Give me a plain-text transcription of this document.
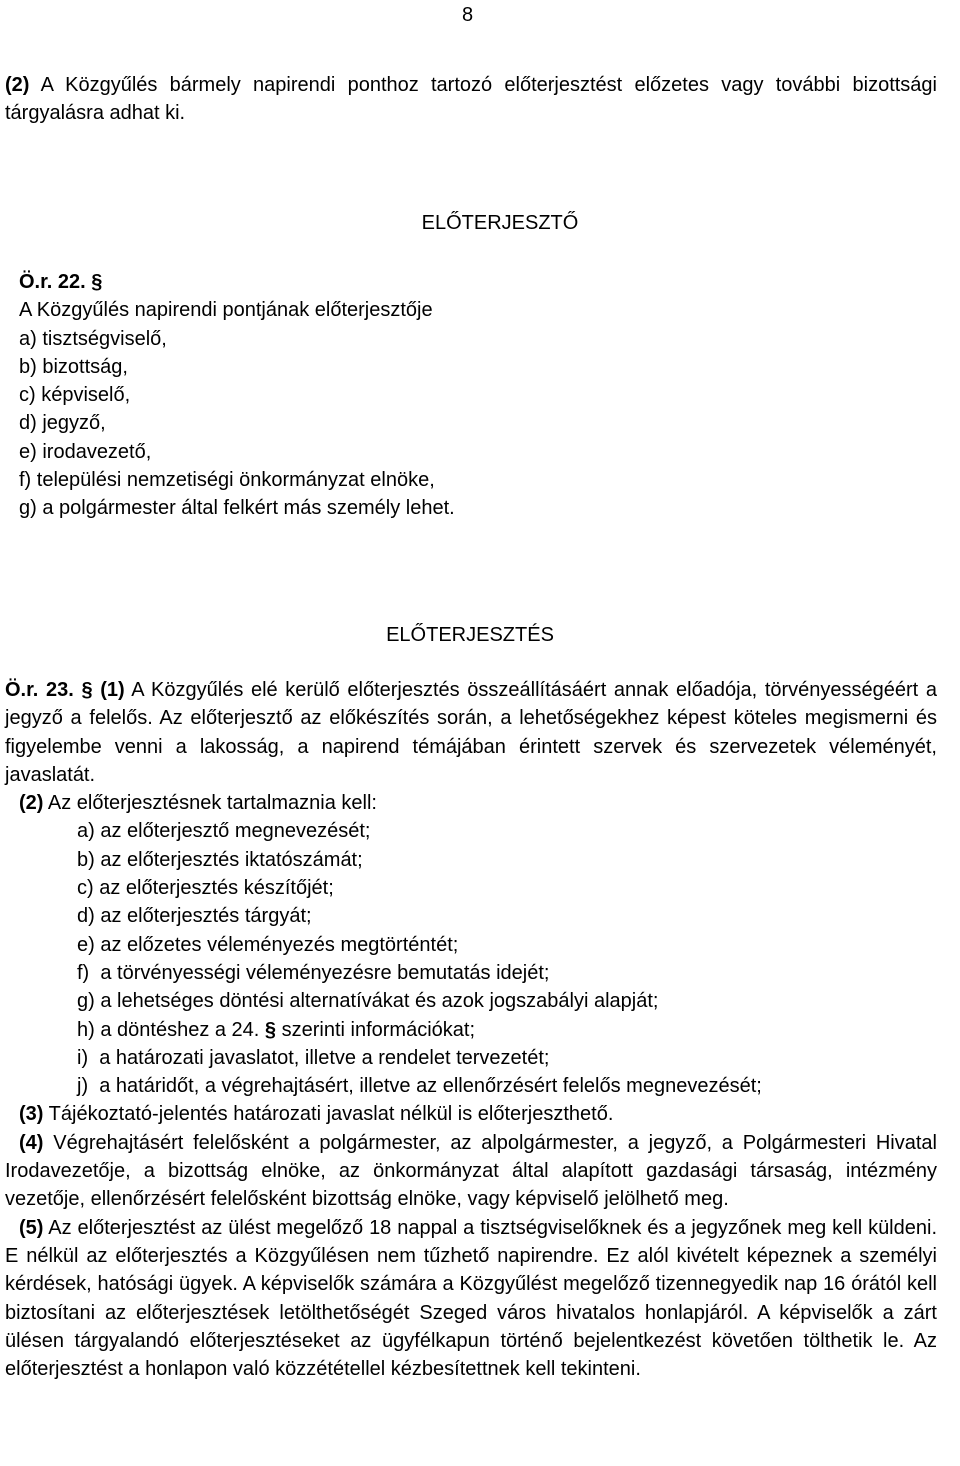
8
(2) A Közgyűlés bármely napirendi ponthoz tartozó előterjesztést előzetes vagy további bizottsági tárgyalásra adhat ki.
ELŐTERJESZTŐ
Ö.r. 22. §
A Közgyűlés napirendi pontjának előterjesztője
a) tisztségviselő,
b) bizottság,
c) képviselő,
d) jegyző,
e) irodavezető,
f) települési nemzetiségi önkormányzat elnöke,
g) a polgármester által felkért más személy lehet.
ELŐTERJESZTÉS
Ö.r. 23. § (1) A Közgyűlés elé kerülő előterjesztés összeállításáért annak előadója, törvényességéért a jegyző a felelős. Az előterjesztő az előkészítés során, a lehetőségekhez képest köteles megismerni és figyelembe venni a lakosság, a napirend témájában érintett szervek és szervezetek véleményét, javaslatát.
(2) Az előterjesztésnek tartalmaznia kell:
a) az előterjesztő megnevezését;
b) az előterjesztés iktatószámát;
c) az előterjesztés készítőjét;
d) az előterjesztés tárgyát;
e) az előzetes véleményezés megtörténtét;
f)  a törvényességi véleményezésre bemutatás idejét;
g) a lehetséges döntési alternatívákat és azok jogszabályi alapját;
h) a döntéshez a 24. § szerinti információkat;
i)  a határozati javaslatot, illetve a rendelet tervezetét;
j)  a határidőt, a végrehajtásért, illetve az ellenőrzésért felelős megnevezését;
(3) Tájékoztató-jelentés határozati javaslat nélkül is előterjeszthető.
(4) Végrehajtásért felelősként a polgármester, az alpolgármester, a jegyző, a Polgármesteri Hivatal Irodavezetője, a bizottság elnöke, az önkormányzat által alapított gazdasági társaság, intézmény vezetője, ellenőrzésért felelősként bizottság elnöke, vagy képviselő jelölhető meg.
(5) Az előterjesztést az ülést megelőző 18 nappal a tisztségviselőknek és a jegyzőnek meg kell küldeni. E nélkül az előterjesztés a Közgyűlésen nem tűzhető napirendre. Ez alól kivételt képeznek a személyi kérdések, hatósági ügyek. A képviselők számára a Közgyűlést megelőző tizennegyedik nap 16 órától kell biztosítani az előterjesztések letölthetőségét Szeged város hivatalos honlapjáról. A képviselők a zárt ülésen tárgyalandó előterjesztéseket az ügyfélkapun történő bejelentkezést követően tölthetik le. Az előterjesztést a honlapon való közzététellel kézbesítettnek kell tekinteni.
